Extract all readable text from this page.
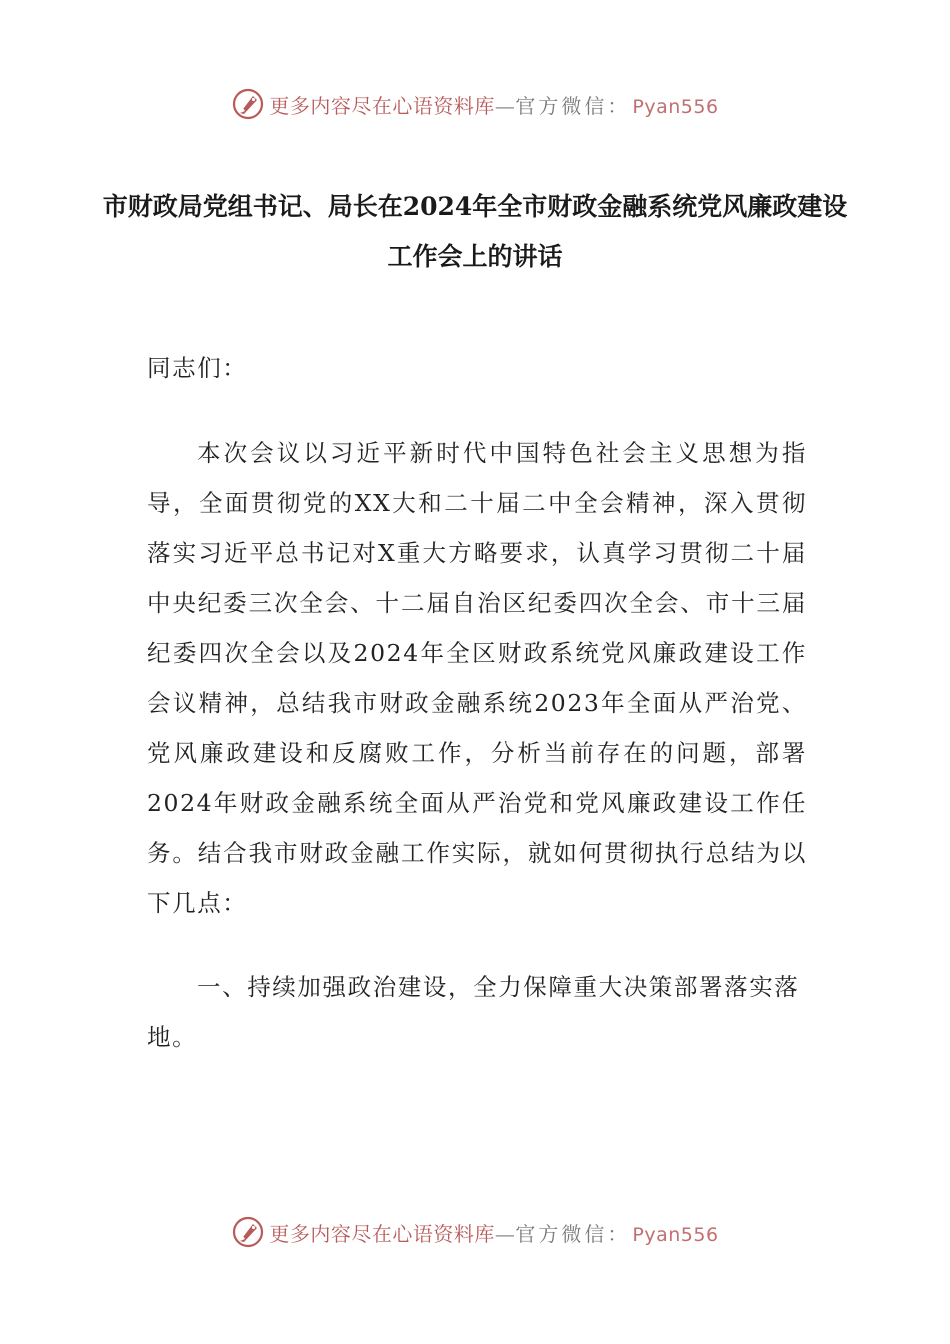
更多内容尽在心语资料库—官方微信： Pyan556
市财政局党组书记、局长在2024年全市财政金融系统党风廉政建设工作会上的讲话

同志们：

本次会议以习近平新时代中国特色社会主义思想为指导，全面贯彻党的XX大和二十届二中全会精神，深入贯彻落实习近平总书记对X重大方略要求，认真学习贯彻二十届中央纪委三次全会、十二届自治区纪委四次全会、市十三届纪委四次全会以及2024年全区财政系统党风廉政建设工作会议精神，总结我市财政金融系统2023年全面从严治党、党风廉政建设和反腐败工作，分析当前存在的问题，部署2024年财政金融系统全面从严治党和党风廉政建设工作任务。结合我市财政金融工作实际，就如何贯彻执行总结为以下几点：

一、持续加强政治建设，全力保障重大决策部署落实落地。

更多内容尽在心语资料库—官方微信： Pyan556
